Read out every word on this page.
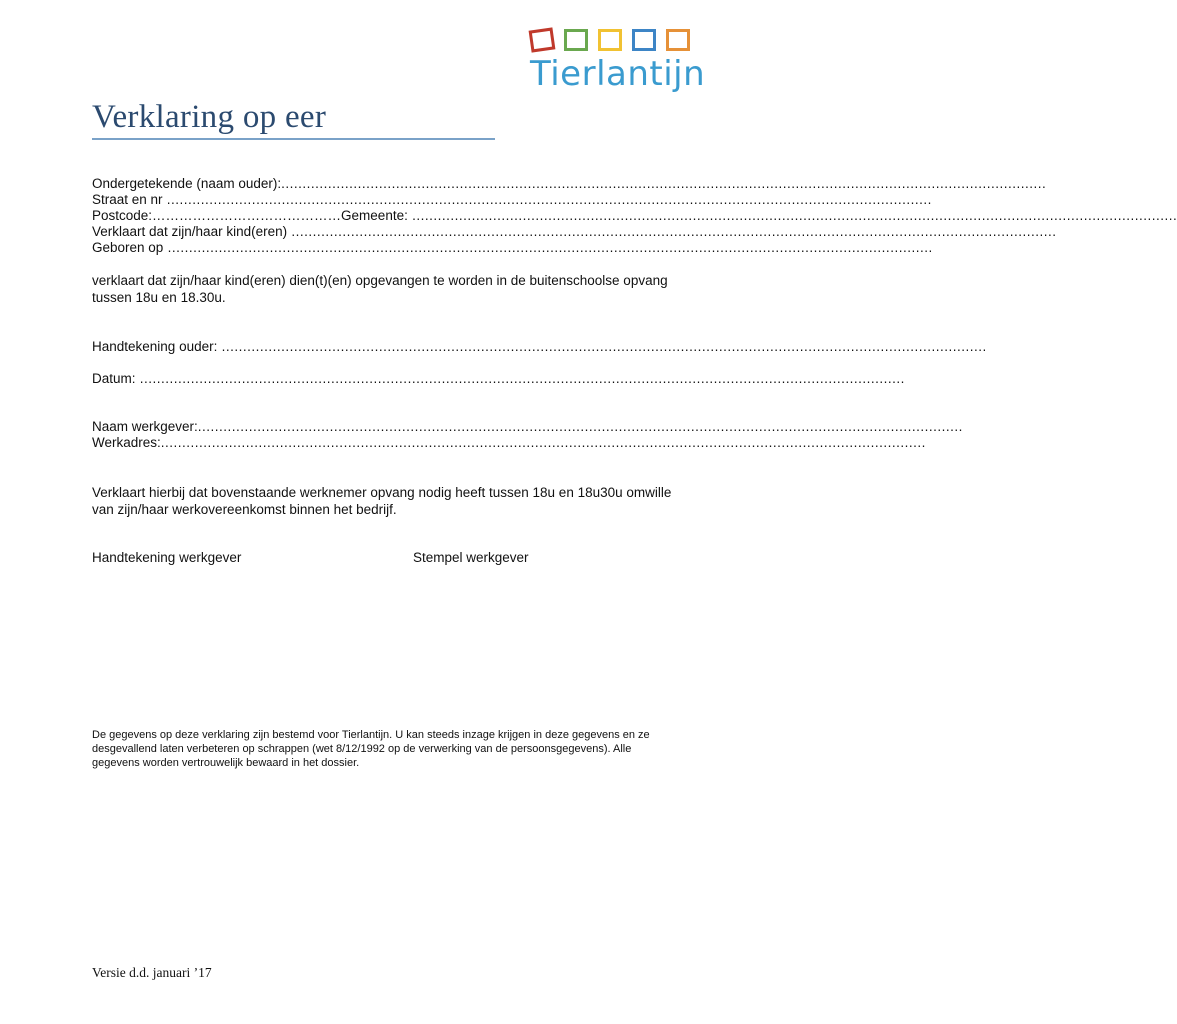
Tierlantijn
Verklaring op eer
Ondergetekende (naam ouder): ....................................................................................................................................................................................
Straat en nr ....................................................................................................................................................................................
Postcode: …………………………………… Gemeente: ....................................................................................................................................................................................
Verklaart dat zijn/haar kind(eren) ....................................................................................................................................................................................
Geboren op ....................................................................................................................................................................................
verklaart dat zijn/haar kind(eren) dien(t)(en) opgevangen te worden in de buitenschoolse opvang tussen 18u en 18.30u.
Handtekening ouder: ....................................................................................................................................................................................
Datum: ....................................................................................................................................................................................
Naam werkgever: ....................................................................................................................................................................................
Werkadres: ....................................................................................................................................................................................
Verklaart hierbij dat bovenstaande werknemer opvang nodig heeft tussen 18u en 18u30u omwille van zijn/haar werkovereenkomst binnen het bedrijf.
Handtekening werkgever	Stempel werkgever
De gegevens op deze verklaring zijn bestemd voor Tierlantijn. U kan steeds inzage krijgen in deze gegevens en ze desgevallend laten verbeteren op schrappen (wet 8/12/1992 op de verwerking van de persoonsgegevens). Alle gegevens worden vertrouwelijk bewaard in het dossier.
Versie d.d. januari ’17
